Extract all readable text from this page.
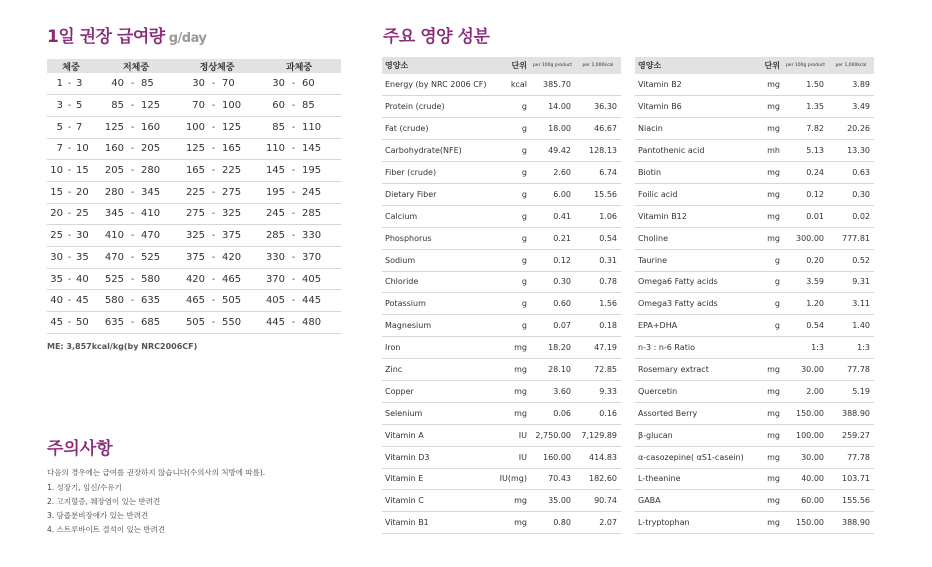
1일 권장 급여량 g/day
체중			저체중			정상체중			과체중		
1	-	3	40	-	85	30	-	70	30	-	60
3	-	5	85	-	125	70	-	100	60	-	85
5	-	7	125	-	160	100	-	125	85	-	110
7	-	10	160	-	205	125	-	165	110	-	145
10	-	15	205	-	280	165	-	225	145	-	195
15	-	20	280	-	345	225	-	275	195	-	245
20	-	25	345	-	410	275	-	325	245	-	285
25	-	30	410	-	470	325	-	375	285	-	330
30	-	35	470	-	525	375	-	420	330	-	370
35	-	40	525	-	580	420	-	465	370	-	405
40	-	45	580	-	635	465	-	505	405	-	445
45	-	50	635	-	685	505	-	550	445	-	480
ME: 3,857kcal/kg(by NRC2006CF)
주의사항
다음의 경우에는 급여를 권장하지 않습니다(수의사의 처방에 따름).
1. 성장기, 임신/수유기
2. 고지혈증, 췌장염이 있는 반려견
3. 담즙분비장애가 있는 반려견
4. 스트루바이트 결석이 있는 반려견
주요 영양 성분
영양소	단위	per 100g product	per 1,000kcal
Energy (by NRC 2006 CF)	kcal	385.70	
Protein (crude)	g	14.00	36.30
Fat (crude)	g	18.00	46.67
Carbohydrate(NFE)	g	49.42	128.13
Fiber (crude)	g	2.60	6.74
Dietary Fiber	g	6.00	15.56
Calcium	g	0.41	1.06
Phosphorus	g	0.21	0.54
Sodium	g	0.12	0.31
Chloride	g	0.30	0.78
Potassium	g	0.60	1.56
Magnesium	g	0.07	0.18
Iron	mg	18.20	47.19
Zinc	mg	28.10	72.85
Copper	mg	3.60	9.33
Selenium	mg	0.06	0.16
Vitamin A	IU	2,750.00	7,129.89
Vitamin D3	IU	160.00	414.83
Vitamin E	IU(mg)	70.43	182.60
Vitamin C	mg	35.00	90.74
Vitamin B1	mg	0.80	2.07
영양소	단위	per 100g product	per 1,000kcal
Vitamin B2	mg	1.50	3.89
Vitamin B6	mg	1.35	3.49
Niacin	mg	7.82	20.26
Pantothenic acid	mh	5.13	13.30
Biotin	mg	0.24	0.63
Foilic acid	mg	0.12	0.30
Vitamin B12	mg	0.01	0.02
Choline	mg	300.00	777.81
Taurine	g	0.20	0.52
Omega6 Fatty acids	g	3.59	9.31
Omega3 Fatty acids	g	1.20	3.11
EPA+DHA	g	0.54	1.40
n-3 : n-6 Ratio		1:3	1:3
Rosemary extract	mg	30.00	77.78
Quercetin	mg	2.00	5.19
Assorted Berry	mg	150.00	388.90
β-glucan	mg	100.00	259.27
α-casozepine( αS1-casein)	mg	30.00	77.78
L-theanine	mg	40.00	103.71
GABA	mg	60.00	155.56
L-tryptophan	mg	150.00	388.90
